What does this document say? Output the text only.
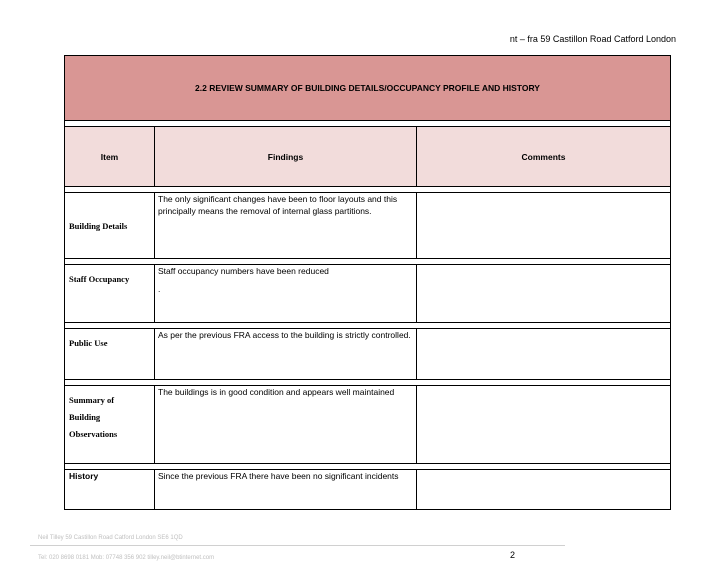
nt – fra 59 Castillon Road Catford London
2.2 REVIEW SUMMARY OF BUILDING DETAILS/OCCUPANCY PROFILE AND HISTORY		

Item	Findings	Comments

Building Details	The only significant changes have been to floor layouts and this principally means the removal of internal glass partitions.	

Staff Occupancy	Staff occupancy numbers have been reduced
.	

Public Use	As per the previous FRA access to the building is strictly controlled.	

Summary of
Building
Observations	The buildings is in good condition and appears well maintained	

History	Since the previous FRA there have been no significant incidents	
Neil Tilley 59 Castillon Road Catford London SE6 1QD
Tel: 020 8698 0181 Mob: 07748 356 902 tilley.neil@btinternet.com	2
